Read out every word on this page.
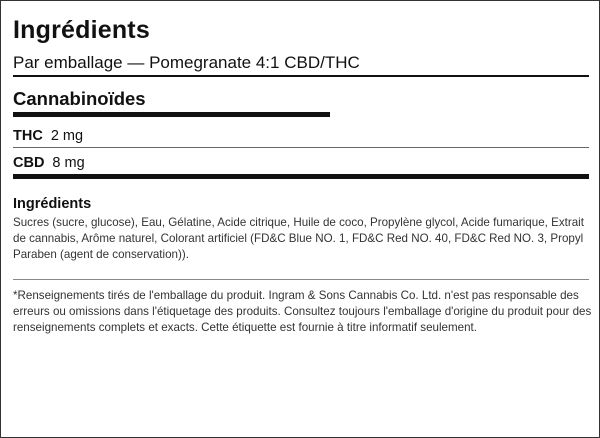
Ingrédients
Par emballage — Pomegranate 4:1 CBD/THC
Cannabinoïdes
THC 2 mg
CBD 8 mg
Ingrédients
Sucres (sucre, glucose), Eau, Gélatine, Acide citrique, Huile de coco, Propylène glycol, Acide fumarique, Extrait de cannabis, Arôme naturel, Colorant artificiel (FD&C Blue NO. 1, FD&C Red NO. 40, FD&C Red NO. 3, Propyl Paraben (agent de conservation)).
*Renseignements tirés de l'emballage du produit. Ingram & Sons Cannabis Co. Ltd. n'est pas responsable des erreurs ou omissions dans l'étiquetage des produits. Consultez toujours l'emballage d'origine du produit pour des renseignements complets et exacts. Cette étiquette est fournie à titre informatif seulement.
